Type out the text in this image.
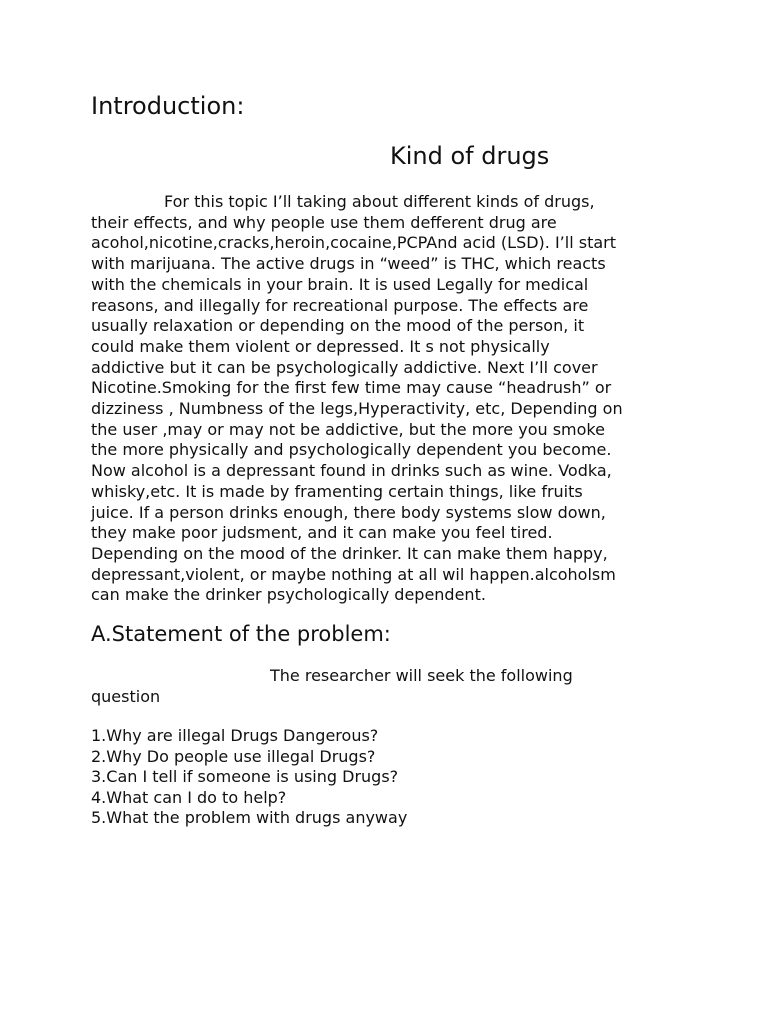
Introduction:
Kind of drugs

For this topic I’ll taking about different kinds of drugs,
their effects, and why people use them defferent drug are
acohol,nicotine,cracks,heroin,cocaine,PCPAnd acid (LSD). I’ll start
with marijuana. The active drugs in “weed” is THC, which reacts
with the chemicals in your brain. It is used Legally for medical
reasons, and illegally for recreational purpose. The effects are
usually relaxation or depending on the mood of the person, it
could make them violent or depressed. It s not physically
addictive but it can be psychologically addictive. Next I’ll cover
Nicotine.Smoking for the first few time may cause “headrush” or
dizziness , Numbness of the legs,Hyperactivity, etc, Depending on
the user ,may or may not be addictive, but the more you smoke
the more physically and psychologically dependent you become.
Now alcohol is a depressant found in drinks such as wine. Vodka,
whisky,etc. It is made by framenting certain things, like fruits
juice. If a person drinks enough, there body systems slow down,
they make poor judsment, and it can make you feel tired.
Depending on the mood of the drinker. It can make them happy,
depressant,violent, or maybe nothing at all wil happen.alcoholsm
can make the drinker psychologically dependent.

A.Statement of the problem:

The researcher will seek the following
question

1.Why are illegal Drugs Dangerous?
2.Why Do people use illegal Drugs?
3.Can I tell if someone is using Drugs?
4.What can I do to help?
5.What the problem with drugs anyway
